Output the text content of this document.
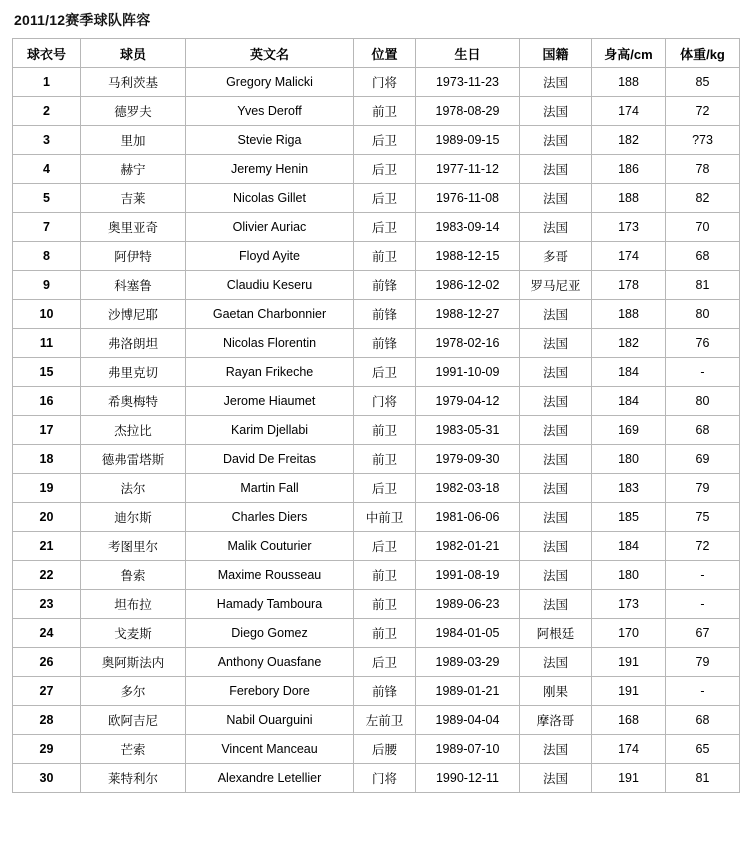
2011/12赛季球队阵容
球衣号	球员	英文名	位置	生日	国籍	身高/cm	体重/kg
1	马利茨基	Gregory Malicki	门将	1973-11-23	法国	188	85
2	德罗夫	Yves Deroff	前卫	1978-08-29	法国	174	72
3	里加	Stevie Riga	后卫	1989-09-15	法国	182	?73
4	赫宁	Jeremy Henin	后卫	1977-11-12	法国	186	78
5	吉莱	Nicolas Gillet	后卫	1976-11-08	法国	188	82
7	奥里亚奇	Olivier Auriac	后卫	1983-09-14	法国	173	70
8	阿伊特	Floyd Ayite	前卫	1988-12-15	多哥	174	68
9	科塞鲁	Claudiu Keseru	前锋	1986-12-02	罗马尼亚	178	81
10	沙博尼耶	Gaetan Charbonnier	前锋	1988-12-27	法国	188	80
11	弗洛朗坦	Nicolas Florentin	前锋	1978-02-16	法国	182	76
15	弗里克切	Rayan Frikeche	后卫	1991-10-09	法国	184	-
16	希奥梅特	Jerome Hiaumet	门将	1979-04-12	法国	184	80
17	杰拉比	Karim Djellabi	前卫	1983-05-31	法国	169	68
18	德弗雷塔斯	David De Freitas	前卫	1979-09-30	法国	180	69
19	法尔	Martin Fall	后卫	1982-03-18	法国	183	79
20	迪尔斯	Charles Diers	中前卫	1981-06-06	法国	185	75
21	考图里尔	Malik Couturier	后卫	1982-01-21	法国	184	72
22	鲁索	Maxime Rousseau	前卫	1991-08-19	法国	180	-
23	坦布拉	Hamady Tamboura	前卫	1989-06-23	法国	173	-
24	戈麦斯	Diego Gomez	前卫	1984-01-05	阿根廷	170	67
26	奥阿斯法内	Anthony Ouasfane	后卫	1989-03-29	法国	191	79
27	多尔	Ferebory Dore	前锋	1989-01-21	刚果	191	-
28	欧阿吉尼	Nabil Ouarguini	左前卫	1989-04-04	摩洛哥	168	68
29	芒索	Vincent Manceau	后腰	1989-07-10	法国	174	65
30	莱特利尔	Alexandre Letellier	门将	1990-12-11	法国	191	81
